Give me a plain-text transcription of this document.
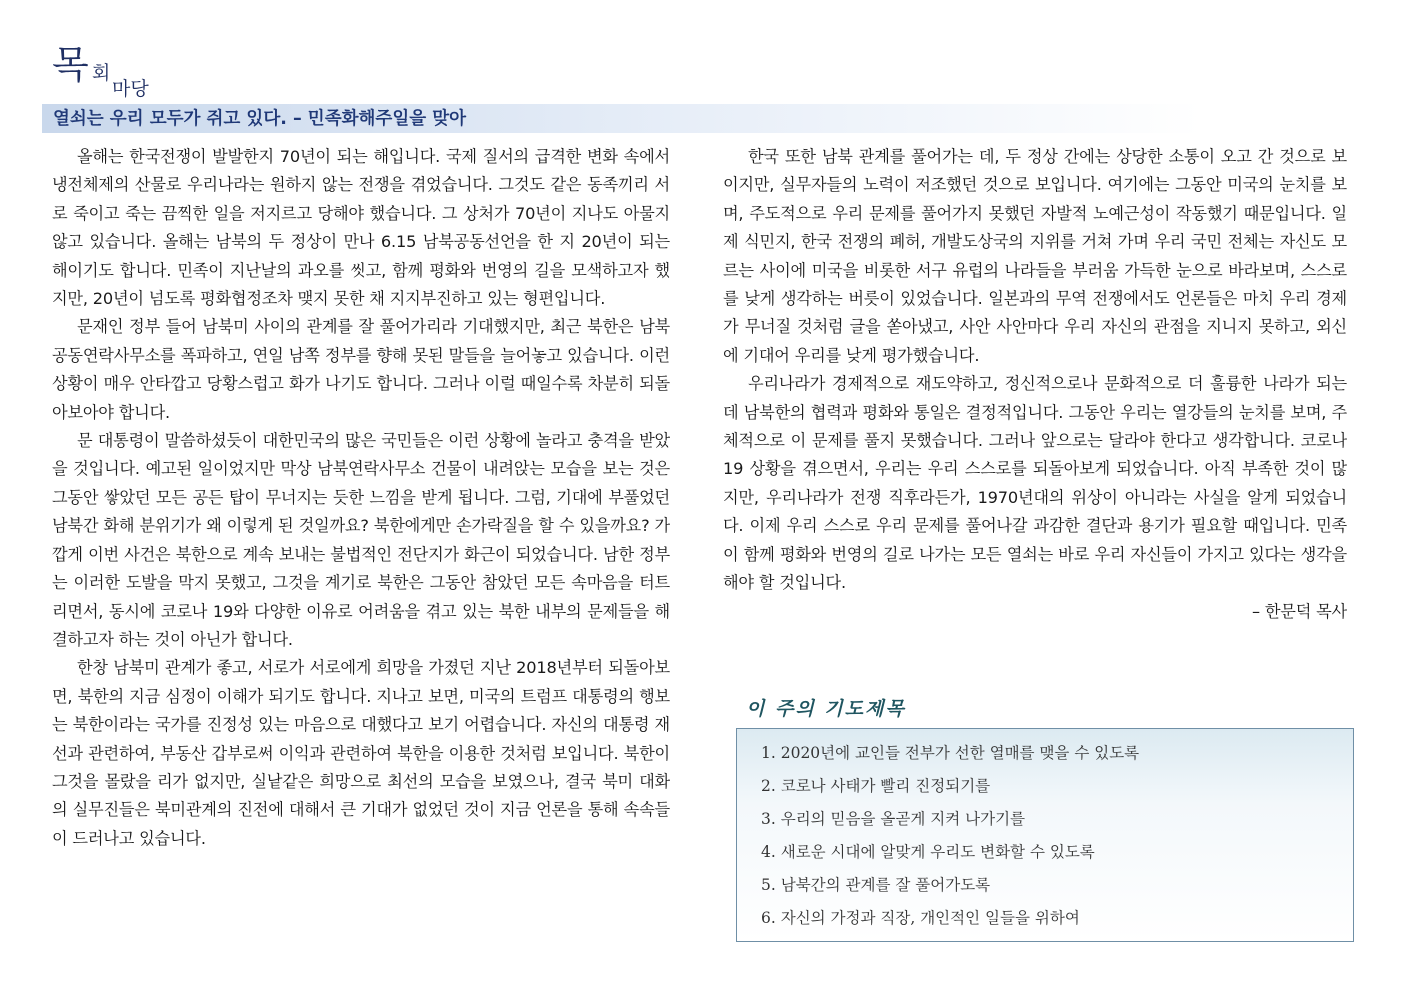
목 회
마당
열쇠는 우리 모두가 쥐고 있다. – 민족화해주일을 맞아

올해는 한국전쟁이 발발한지 70년이 되는 해입니다. 국제 질서의 급격한 변화 속에서 냉전체제의 산물로 우리나라는 원하지 않는 전쟁을 겪었습니다. 그것도 같은 동족끼리 서로 죽이고 죽는 끔찍한 일을 저지르고 당해야 했습니다. 그 상처가 70년이 지나도 아물지 않고 있습니다. 올해는 남북의 두 정상이 만나 6.15 남북공동선언을 한 지 20년이 되는 해이기도 합니다. 민족이 지난날의 과오를 씻고, 함께 평화와 번영의 길을 모색하고자 했지만, 20년이 넘도록 평화협정조차 맺지 못한 채 지지부진하고 있는 형편입니다.

문재인 정부 들어 남북미 사이의 관계를 잘 풀어가리라 기대했지만, 최근 북한은 남북공동연락사무소를 폭파하고, 연일 남쪽 정부를 향해 못된 말들을 늘어놓고 있습니다. 이런 상황이 매우 안타깝고 당황스럽고 화가 나기도 합니다. 그러나 이럴 때일수록 차분히 되돌아보아야 합니다.

문 대통령이 말씀하셨듯이 대한민국의 많은 국민들은 이런 상황에 놀라고 충격을 받았을 것입니다. 예고된 일이었지만 막상 남북연락사무소 건물이 내려앉는 모습을 보는 것은 그동안 쌓았던 모든 공든 탑이 무너지는 듯한 느낌을 받게 됩니다. 그럼, 기대에 부풀었던 남북간 화해 분위기가 왜 이렇게 된 것일까요? 북한에게만 손가락질을 할 수 있을까요? 가깝게 이번 사건은 북한으로 계속 보내는 불법적인 전단지가 화근이 되었습니다. 남한 정부는 이러한 도발을 막지 못했고, 그것을 계기로 북한은 그동안 참았던 모든 속마음을 터트리면서, 동시에 코로나 19와 다양한 이유로 어려움을 겪고 있는 북한 내부의 문제들을 해결하고자 하는 것이 아닌가 합니다.

한창 남북미 관계가 좋고, 서로가 서로에게 희망을 가졌던 지난 2018년부터 되돌아보면, 북한의 지금 심정이 이해가 되기도 합니다. 지나고 보면, 미국의 트럼프 대통령의 행보는 북한이라는 국가를 진정성 있는 마음으로 대했다고 보기 어렵습니다. 자신의 대통령 재선과 관련하여, 부동산 갑부로써 이익과 관련하여 북한을 이용한 것처럼 보입니다. 북한이 그것을 몰랐을 리가 없지만, 실낱같은 희망으로 최선의 모습을 보였으나, 결국 북미 대화의 실무진들은 북미관계의 진전에 대해서 큰 기대가 없었던 것이 지금 언론을 통해 속속들이 드러나고 있습니다.

한국 또한 남북 관계를 풀어가는 데, 두 정상 간에는 상당한 소통이 오고 간 것으로 보이지만, 실무자들의 노력이 저조했던 것으로 보입니다. 여기에는 그동안 미국의 눈치를 보며, 주도적으로 우리 문제를 풀어가지 못했던 자발적 노예근성이 작동했기 때문입니다. 일제 식민지, 한국 전쟁의 폐허, 개발도상국의 지위를 거쳐 가며 우리 국민 전체는 자신도 모르는 사이에 미국을 비롯한 서구 유럽의 나라들을 부러움 가득한 눈으로 바라보며, 스스로를 낮게 생각하는 버릇이 있었습니다. 일본과의 무역 전쟁에서도 언론들은 마치 우리 경제가 무너질 것처럼 글을 쏟아냈고, 사안 사안마다 우리 자신의 관점을 지니지 못하고, 외신에 기대어 우리를 낮게 평가했습니다.

우리나라가 경제적으로 재도약하고, 정신적으로나 문화적으로 더 훌륭한 나라가 되는데 남북한의 협력과 평화와 통일은 결정적입니다. 그동안 우리는 열강들의 눈치를 보며, 주체적으로 이 문제를 풀지 못했습니다. 그러나 앞으로는 달라야 한다고 생각합니다. 코로나 19 상황을 겪으면서, 우리는 우리 스스로를 되돌아보게 되었습니다. 아직 부족한 것이 많지만, 우리나라가 전쟁 직후라든가, 1970년대의 위상이 아니라는 사실을 알게 되었습니다. 이제 우리 스스로 우리 문제를 풀어나갈 과감한 결단과 용기가 필요할 때입니다. 민족이 함께 평화와 번영의 길로 나가는 모든 열쇠는 바로 우리 자신들이 가지고 있다는 생각을 해야 할 것입니다.

– 한문덕 목사

이 주의 기도제목
1. 2020년에 교인들 전부가 선한 열매를 맺을 수 있도록
2. 코로나 사태가 빨리 진정되기를
3. 우리의 믿음을 올곧게 지켜 나가기를
4. 새로운 시대에 알맞게 우리도 변화할 수 있도록
5. 남북간의 관계를 잘 풀어가도록
6. 자신의 가정과 직장, 개인적인 일들을 위하여
